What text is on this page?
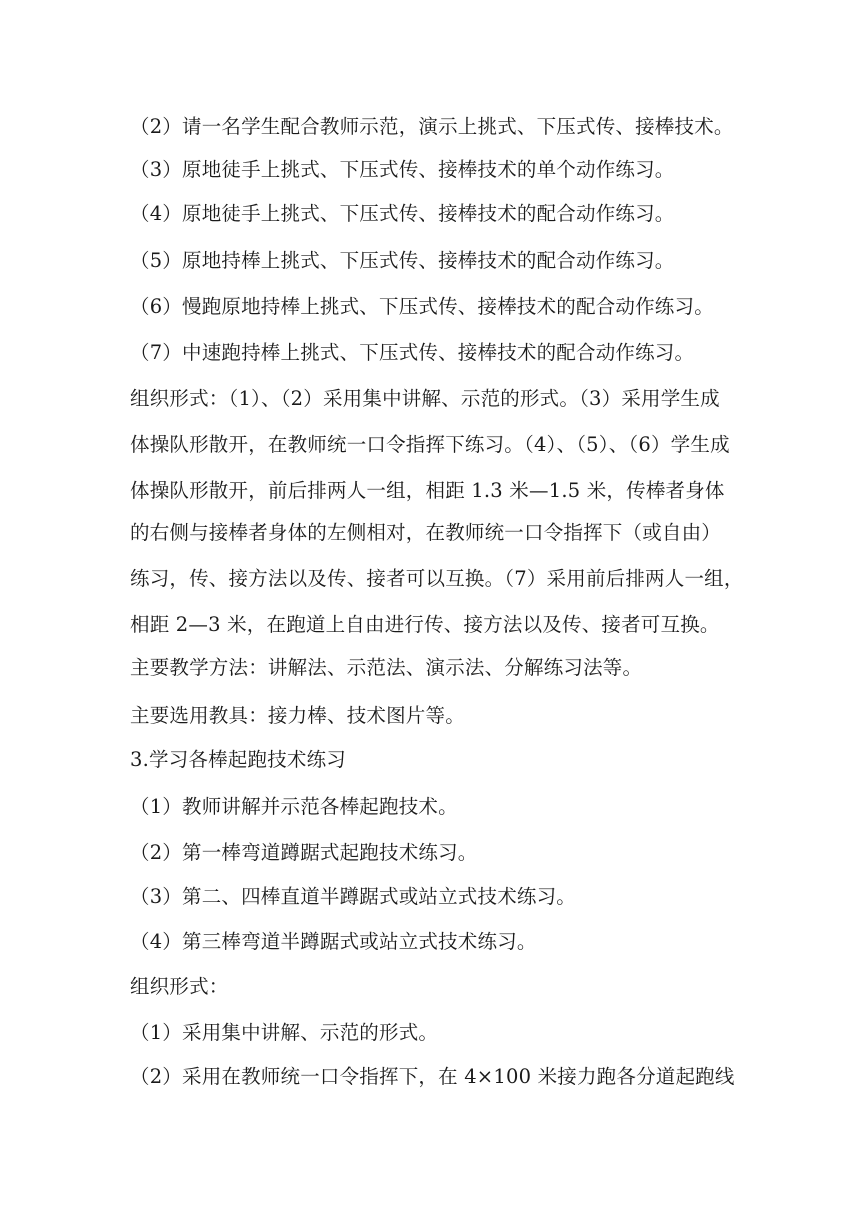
（2）请一名学生配合教师示范，演示上挑式、下压式传、接棒技术。
（3）原地徒手上挑式、下压式传、接棒技术的单个动作练习。
（4）原地徒手上挑式、下压式传、接棒技术的配合动作练习。
（5）原地持棒上挑式、下压式传、接棒技术的配合动作练习。
（6）慢跑原地持棒上挑式、下压式传、接棒技术的配合动作练习。
（7）中速跑持棒上挑式、下压式传、接棒技术的配合动作练习。
组织形式：（1）、（2）采用集中讲解、示范的形式。（3）采用学生成
体操队形散开，在教师统一口令指挥下练习。（4）、（5）、（6）学生成
体操队形散开，前后排两人一组，相距 1.3 米—1.5 米，传棒者身体
的右侧与接棒者身体的左侧相对，在教师统一口令指挥下（或自由）
练习，传、接方法以及传、接者可以互换。（7）采用前后排两人一组，
相距 2—3 米，在跑道上自由进行传、接方法以及传、接者可互换。
主要教学方法：讲解法、示范法、演示法、分解练习法等。
主要选用教具：接力棒、技术图片等。
3.学习各棒起跑技术练习
（1）教师讲解并示范各棒起跑技术。
（2）第一棒弯道蹲踞式起跑技术练习。
（3）第二、四棒直道半蹲踞式或站立式技术练习。
（4）第三棒弯道半蹲踞式或站立式技术练习。
组织形式：
（1）采用集中讲解、示范的形式。
（2）采用在教师统一口令指挥下，在 4×100 米接力跑各分道起跑线
